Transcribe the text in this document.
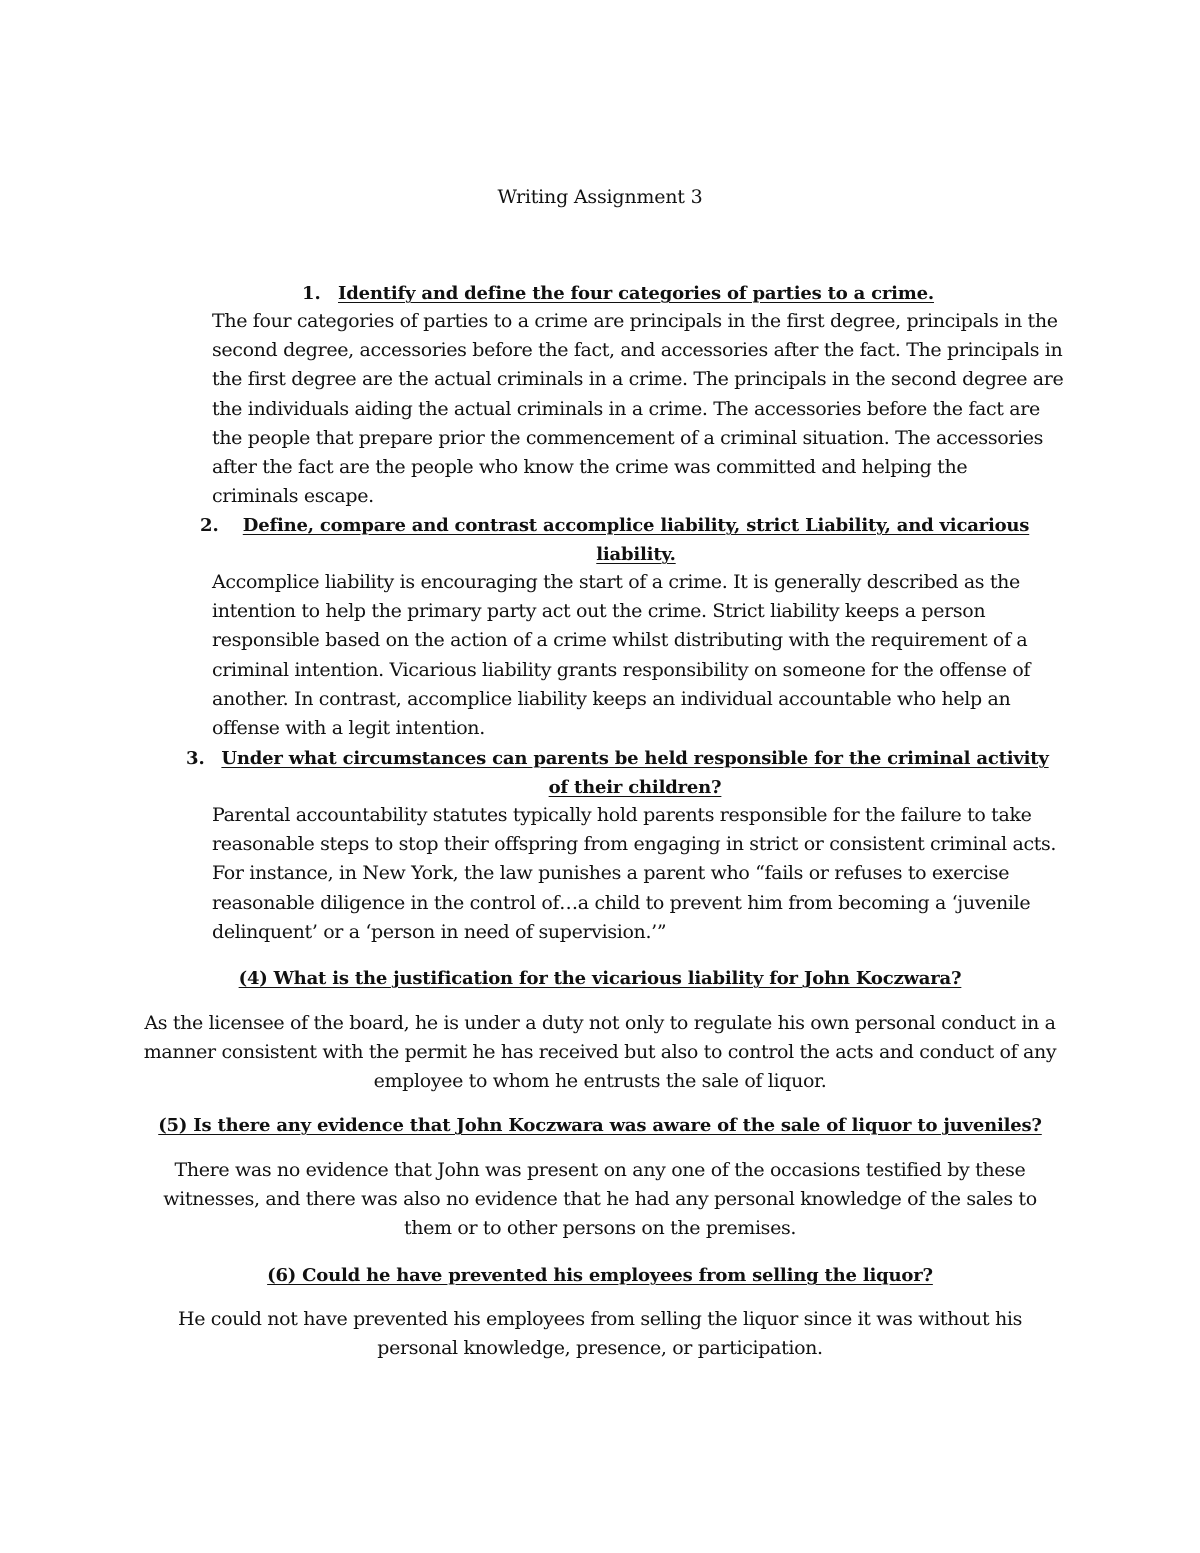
Writing Assignment 3
1. Identify and define the four categories of parties to a crime.
The four categories of parties to a crime are principals in the first degree, principals in the
second degree, accessories before the fact, and accessories after the fact. The principals in
the first degree are the actual criminals in a crime. The principals in the second degree are
the individuals aiding the actual criminals in a crime. The accessories before the fact are
the people that prepare prior the commencement of a criminal situation. The accessories
after the fact are the people who know the crime was committed and helping the
criminals escape.
2.	Define, compare and contrast accomplice liability, strict Liability, and vicarious
liability.
Accomplice liability is encouraging the start of a crime. It is generally described as the
intention to help the primary party act out the crime. Strict liability keeps a person
responsible based on the action of a crime whilst distributing with the requirement of a
criminal intention. Vicarious liability grants responsibility on someone for the offense of
another. In contrast, accomplice liability keeps an individual accountable who help an
offense with a legit intention.
3. Under what circumstances can parents be held responsible for the criminal activity
of their children?
Parental accountability statutes typically hold parents responsible for the failure to take
reasonable steps to stop their offspring from engaging in strict or consistent criminal acts.
For instance, in New York, the law punishes a parent who “fails or refuses to exercise
reasonable diligence in the control of…a child to prevent him from becoming a ‘juvenile
delinquent’ or a ‘person in need of supervision.’”
(4) What is the justification for the vicarious liability for John Koczwara?
As the licensee of the board, he is under a duty not only to regulate his own personal conduct in a
manner consistent with the permit he has received but also to control the acts and conduct of any
employee to whom he entrusts the sale of liquor.
(5) Is there any evidence that John Koczwara was aware of the sale of liquor to juveniles?
There was no evidence that John was present on any one of the occasions testified by these
witnesses, and there was also no evidence that he had any personal knowledge of the sales to
them or to other persons on the premises.
(6) Could he have prevented his employees from selling the liquor?
He could not have prevented his employees from selling the liquor since it was without his
personal knowledge, presence, or participation.
